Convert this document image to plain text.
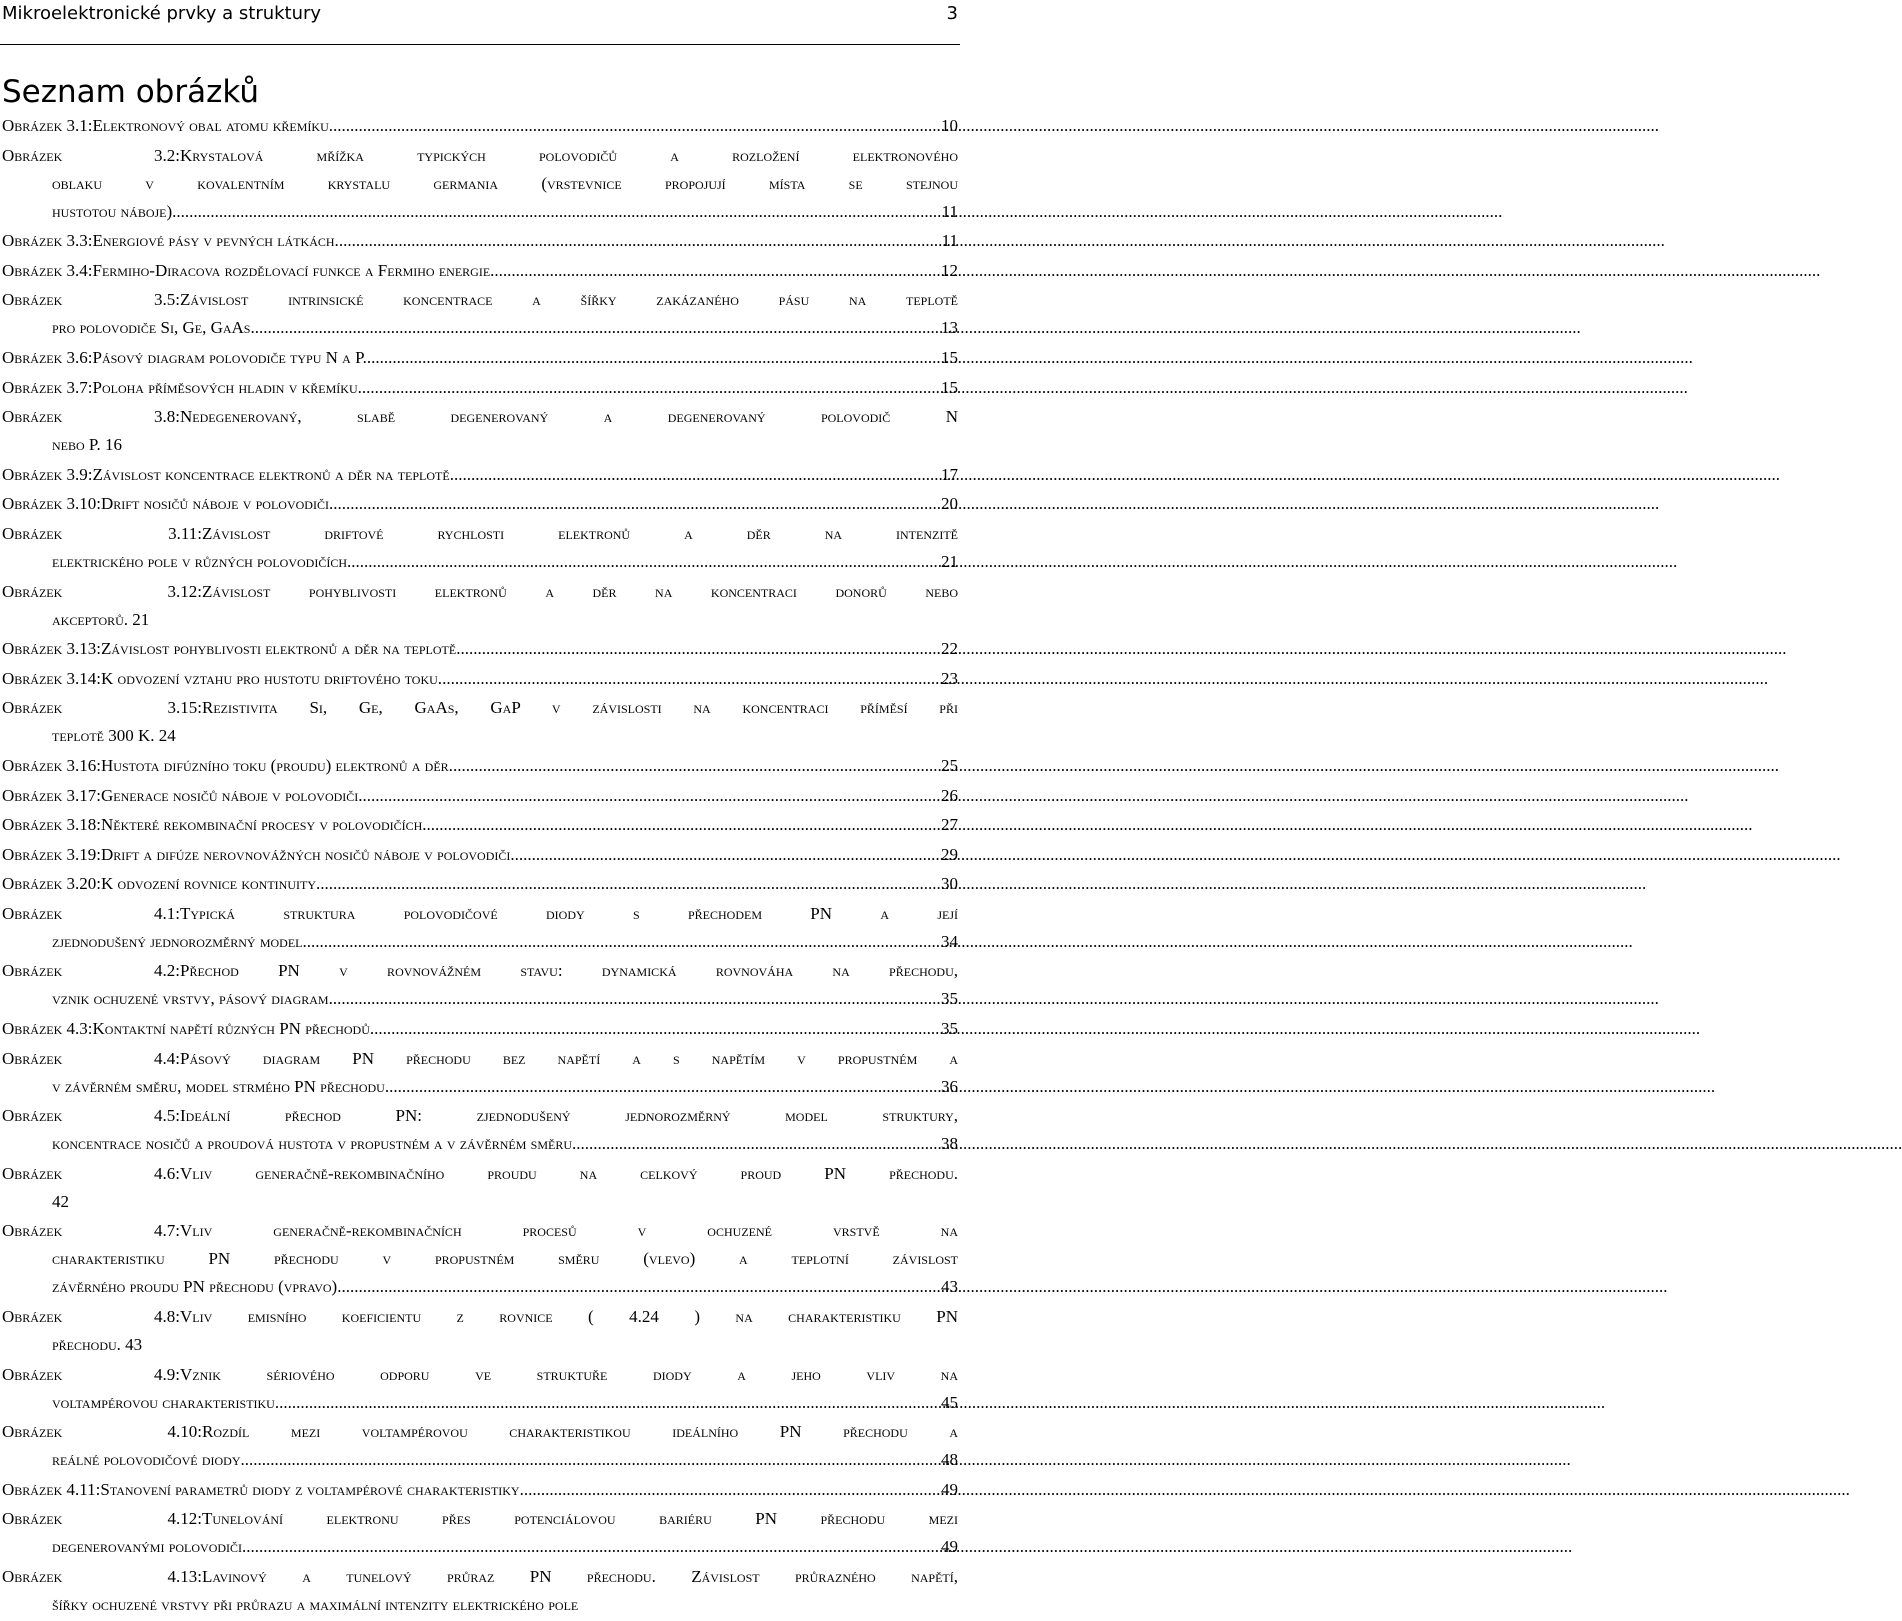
Mikroelektronické prvky a struktury	3
Seznam obrázků
Obrázek 3.1: Elektronový obal atomu křemíku. .....	10
Obrázek 3.2:Krystalová mřížka typických polovodičů a rozložení elektronového
oblaku v kovalentním krystalu germania (vrstevnice propojují místa se stejnou
hustotou náboje). .....	11
Obrázek 3.3: Energiové pásy v pevných látkách. .....	11
Obrázek 3.4: Fermiho-Diracova rozdělovací funkce a Fermiho energie. .....	12
Obrázek 3.5:Závislost intrinsické koncentrace a šířky zakázaného pásu na teplotě
pro polovodiče Si, Ge, GaAs. .....	13
Obrázek 3.6: Pásový diagram polovodiče typu N a P. .....	15
Obrázek 3.7: Poloha příměsových hladin v křemíku. .....	15
Obrázek 3.8:Nedegenerovaný, slabě degenerovaný a degenerovaný polovodič N
nebo P. 16
Obrázek 3.9: Závislost koncentrace elektronů a děr na teplotě. .....	17
Obrázek 3.10: Drift nosičů náboje v polovodiči. .....	20
Obrázek 3.11:Závislost driftové rychlosti elektronů a děr na intenzitě
elektrického pole v různých polovodičích. .....	21
Obrázek 3.12:Závislost pohyblivosti elektronů a děr na koncentraci donorů nebo
akceptorů. 21
Obrázek 3.13: Závislost pohyblivosti elektronů a děr na teplotě. .....	22
Obrázek 3.14: K odvození vztahu pro hustotu driftového toku. .....	23
Obrázek 3.15:Rezistivita Si, Ge, GaAs, GaP v závislosti na koncentraci příměsí při
teplotě 300 K. 24
Obrázek 3.16: Hustota difúzního toku (proudu) elektronů a děr. .....	25
Obrázek 3.17: Generace nosičů náboje v polovodiči. .....	26
Obrázek 3.18: Některé rekombinační procesy v polovodičích. .....	27
Obrázek 3.19: Drift a difúze nerovnovážných nosičů náboje v polovodiči. .....	29
Obrázek 3.20: K odvození rovnice kontinuity. .....	30
Obrázek 4.1:Typická struktura polovodičové diody s přechodem PN a její
zjednodušený jednorozměrný model. .....	34
Obrázek 4.2:Přechod PN v rovnovážném stavu: dynamická rovnováha na přechodu,
vznik ochuzené vrstvy, pásový diagram. .....	35
Obrázek 4.3: Kontaktní napětí různých PN přechodů. .....	35
Obrázek 4.4:Pásový diagram PN přechodu bez napětí a s napětím v propustném a
v závěrném směru, model strmého PN přechodu. .....	36
Obrázek 4.5:Ideální přechod PN: zjednodušený jednorozměrný model struktury,
koncentrace nosičů a proudová hustota v propustném a v závěrném směru. .....	38
Obrázek 4.6:Vliv generačně-rekombinačního proudu na celkový proud PN přechodu.
42
Obrázek 4.7:Vliv generačně-rekombinačních procesů v ochuzené vrstvě na
charakteristiku PN přechodu v propustném směru (vlevo) a teplotní závislost
závěrného proudu PN přechodu (vpravo). .....	43
Obrázek 4.8:Vliv emisního koeficientu z rovnice ( 4.24 ) na charakteristiku PN
přechodu. 43
Obrázek 4.9:Vznik sériového odporu ve struktuře diody a jeho vliv na
voltampérovou charakteristiku. .....	45
Obrázek 4.10:Rozdíl mezi voltampérovou charakteristikou ideálního PN přechodu a
reálné polovodičové diody. .....	48
Obrázek 4.11: Stanovení parametrů diody z voltampérové charakteristiky. .....	49
Obrázek 4.12:Tunelování elektronu přes potenciálovou bariéru PN přechodu mezi
degenerovanými polovodiči. .....	49
Obrázek 4.13:Lavinový a tunelový průraz PN přechodu. Závislost průrazného napětí,
šířky ochuzené vrstvy při průrazu a maximální intenzity elektrického pole
